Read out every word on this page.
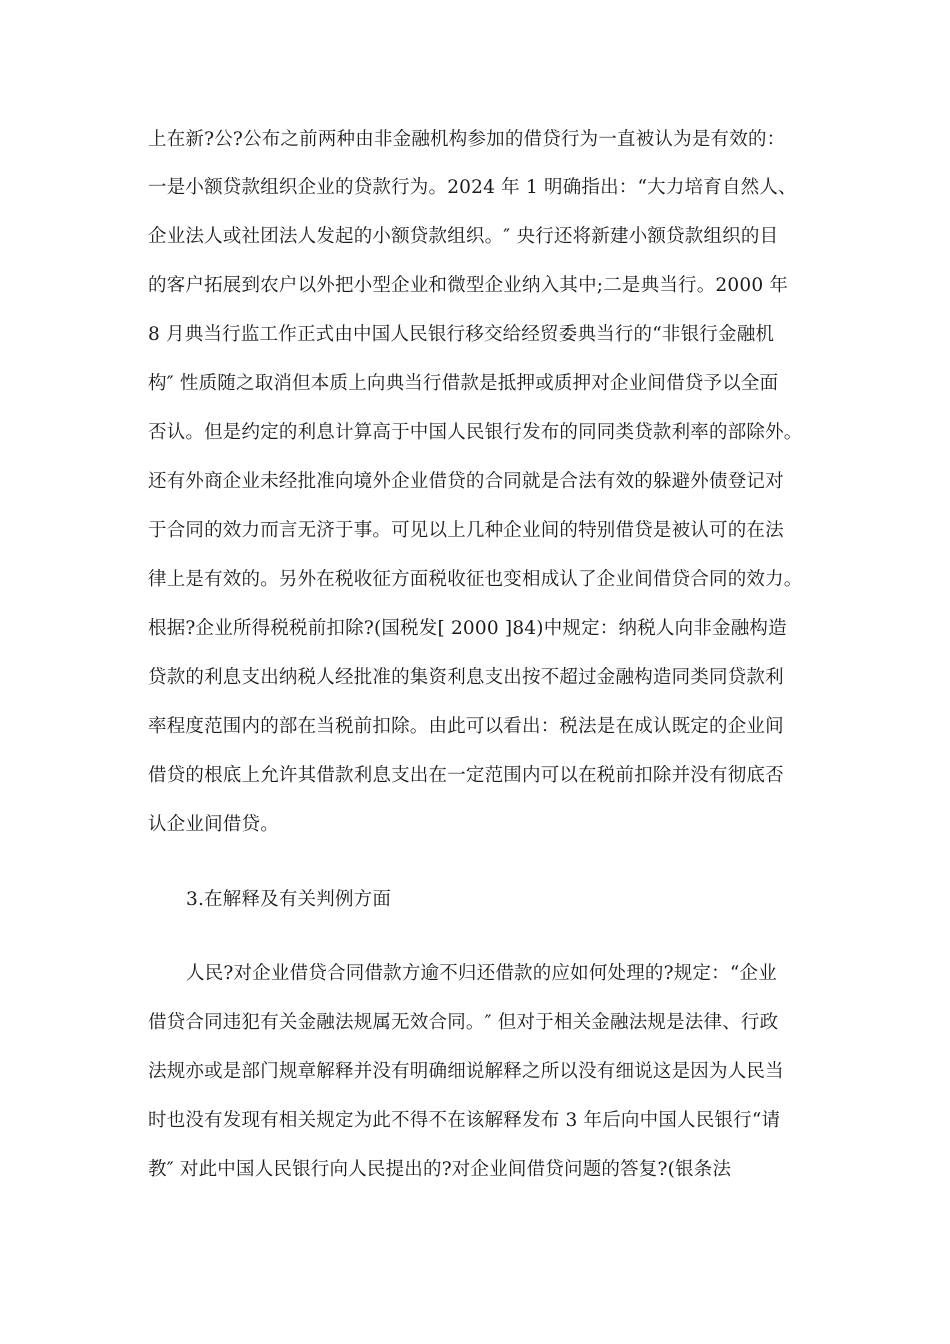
上在新?公?公布之前两种由非金融机构参加的借贷行为一直被认为是有效的：
一是小额贷款组织企业的贷款行为。2024 年 1 明确指出：“大力培育自然人、
企业法人或社团法人发起的小额贷款组织。″ 央行还将新建小额贷款组织的目
的客户拓展到农户以外把小型企业和微型企业纳入其中;二是典当行。2000 年
8 月典当行监工作正式由中国人民银行移交给经贸委典当行的“非银行金融机
构″ 性质随之取消但本质上向典当行借款是抵押或质押对企业间借贷予以全面
否认。但是约定的利息计算高于中国人民银行发布的同同类贷款利率的部除外。
还有外商企业未经批准向境外企业借贷的合同就是合法有效的躲避外债登记对
于合同的效力而言无济于事。可见以上几种企业间的特别借贷是被认可的在法
律上是有效的。另外在税收征方面税收征也变相成认了企业间借贷合同的效力。
根据?企业所得税税前扣除?(国税发[ 2000 ]84)中规定：纳税人向非金融构造
贷款的利息支出纳税人经批准的集资利息支出按不超过金融构造同类同贷款利
率程度范围内的部在当税前扣除。由此可以看出：税法是在成认既定的企业间
借贷的根底上允许其借款利息支出在一定范围内可以在税前扣除并没有彻底否
认企业间借贷。
3.在解释及有关判例方面
人民?对企业借贷合同借款方逾不归还借款的应如何处理的?规定：“企业
借贷合同违犯有关金融法规属无效合同。″ 但对于相关金融法规是法律、行政
法规亦或是部门规章解释并没有明确细说解释之所以没有细说这是因为人民当
时也没有发现有相关规定为此不得不在该解释发布 3 年后向中国人民银行“请
教″ 对此中国人民银行向人民提出的?对企业间借贷问题的答复?(银条法
